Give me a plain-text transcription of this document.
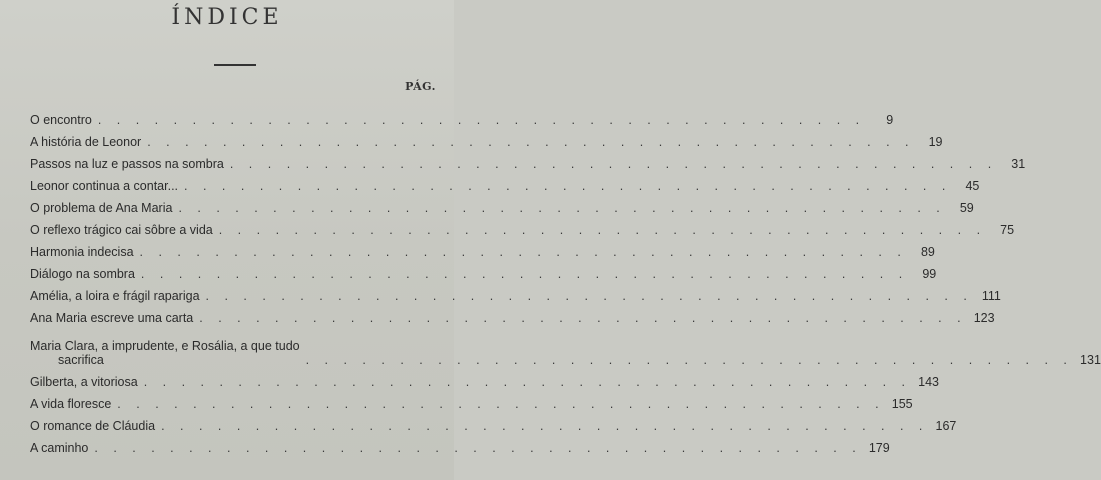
ÍNDICE
PÁG.
O encontro . . . . . . . . . . . . . . . . . . . . . . . . . . . . . . . . . . . . . . . . .	9
A história de Leonor . . . . . . . . . . . . . . . . . . . . . . . . . . . . . . . . . . . . . . . . .	19
Passos na luz e passos na sombra . . . . . . . . . . . . . . . . . . . . . . . . . . . . . . . . . . . . . . . . .	31
Leonor continua a contar... . . . . . . . . . . . . . . . . . . . . . . . . . . . . . . . . . . . . . . . . .	45
O problema de Ana Maria . . . . . . . . . . . . . . . . . . . . . . . . . . . . . . . . . . . . . . . . .	59
O reflexo trágico cai sôbre a vida . . . . . . . . . . . . . . . . . . . . . . . . . . . . . . . . . . . . . . . . .	75
Harmonia indecisa . . . . . . . . . . . . . . . . . . . . . . . . . . . . . . . . . . . . . . . . .	89
Diálogo na sombra . . . . . . . . . . . . . . . . . . . . . . . . . . . . . . . . . . . . . . . . .	99
Amélia, a loira e frágil rapariga . . . . . . . . . . . . . . . . . . . . . . . . . . . . . . . . . . . . . . . . . 111
Ana Maria escreve uma carta . . . . . . . . . . . . . . . . . . . . . . . . . . . . . . . . . . . . . . . . . 123
Maria Clara, a imprudente, e Rosália, a que tudo
sacrifica	. . . . . . . . . . . . . . . . . . . . . . . . . . . . . . . . . . . . . . . . . 131
Gilberta, a vitoriosa . . . . . . . . . . . . . . . . . . . . . . . . . . . . . . . . . . . . . . . . . 143
A vida floresce . . . . . . . . . . . . . . . . . . . . . . . . . . . . . . . . . . . . . . . . . 155
O romance de Cláudia . . . . . . . . . . . . . . . . . . . . . . . . . . . . . . . . . . . . . . . . . 167
A caminho . . . . . . . . . . . . . . . . . . . . . . . . . . . . . . . . . . . . . . . . . 179
